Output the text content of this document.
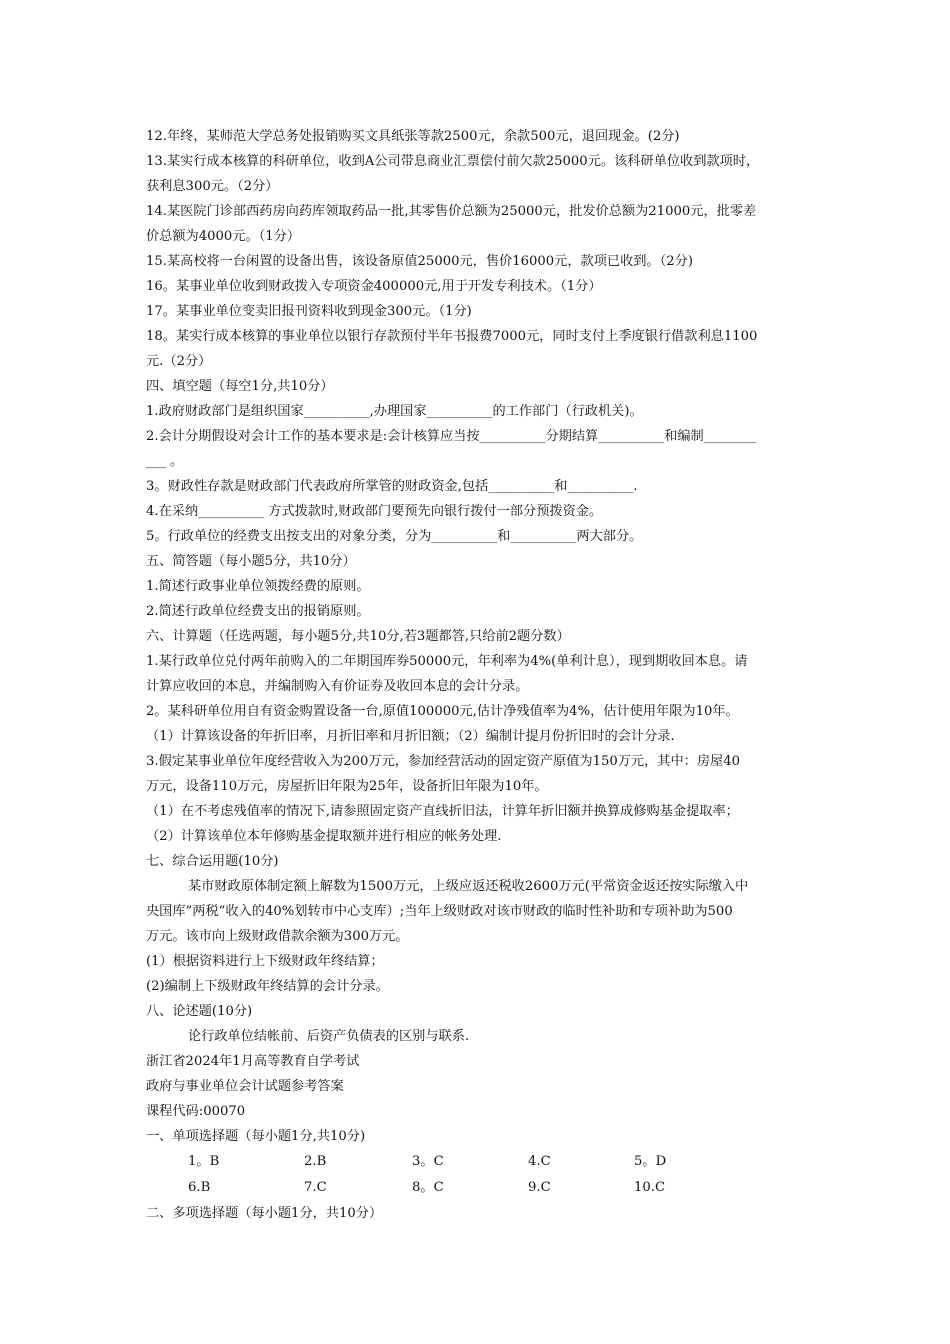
12.年终，某师范大学总务处报销购买文具纸张等款2500元，余款500元，退回现金。(2分)
13.某实行成本核算的科研单位，收到A公司带息商业汇票偿付前欠款25000元。该科研单位收到款项时，
获利息300元。（2分）
14.某医院门诊部西药房向药库领取药品一批,其零售价总额为25000元，批发价总额为21000元，批零差
价总额为4000元。（1分）
15.某高校将一台闲置的设备出售，该设备原值25000元，售价16000元，款项已收到。（2分)
16。某事业单位收到财政拨入专项资金400000元,用于开发专利技术。（1分）
17。某事业单位变卖旧报刊资料收到现金300元。（1分)
18。某实行成本核算的事业单位以银行存款预付半年书报费7000元，同时支付上季度银行借款利息1100
元.（2分）
四、填空题（每空1分,共10分）
1.政府财政部门是组织国家__________,办理国家__________的工作部门（行政机关)。
2.会计分期假设对会计工作的基本要求是:会计核算应当按__________分期结算__________和编制________
___ 。
3。财政性存款是财政部门代表政府所掌管的财政资金,包括__________和__________.
4.在采纳__________ 方式拨款时,财政部门要预先向银行拨付一部分预拨资金。
5。行政单位的经费支出按支出的对象分类，分为__________和__________两大部分。
五、简答题（每小题5分，共10分）
1.简述行政事业单位领拨经费的原则。
2.简述行政单位经费支出的报销原则。
六、计算题（任选两题，每小题5分,共10分,若3题都答,只给前2题分数）
1.某行政单位兑付两年前购入的二年期国库券50000元，年利率为4%(单利计息），现到期收回本息。请
计算应收回的本息，并编制购入有价证券及收回本息的会计分录。
2。某科研单位用自有资金购置设备一台,原值100000元,估计净残值率为4%，估计使用年限为10年。
（1）计算该设备的年折旧率，月折旧率和月折旧额；（2）编制计提月份折旧时的会计分录.
3.假定某事业单位年度经营收入为200万元，参加经营活动的固定资产原值为150万元，其中：房屋40
万元，设备110万元，房屋折旧年限为25年，设备折旧年限为10年。
（1）在不考虑残值率的情况下,请参照固定资产直线折旧法，计算年折旧额并换算成修购基金提取率；
（2）计算该单位本年修购基金提取额并进行相应的帐务处理.
七、综合运用题(10分)
某市财政原体制定额上解数为1500万元，上级应返还税收2600万元(平常资金返还按实际缴入中
央国库”两税”收入的40%划转市中心支库）;当年上级财政对该市财政的临时性补助和专项补助为500
万元。该市向上级财政借款余额为300万元。
(1）根据资料进行上下级财政年终结算；
(2)编制上下级财政年终结算的会计分录。
八、论述题(10分)
论行政单位结帐前、后资产负债表的区别与联系.
浙江省2024年1月高等教育自学考试
政府与事业单位会计试题参考答案
课程代码:00070
一、单项选择题（每小题1分,共10分)
1。B	2.B	3。C	4.C	5。D
6.B	7.C	8。C	9.C	10.C
二、多项选择题（每小题1分，共10分）
